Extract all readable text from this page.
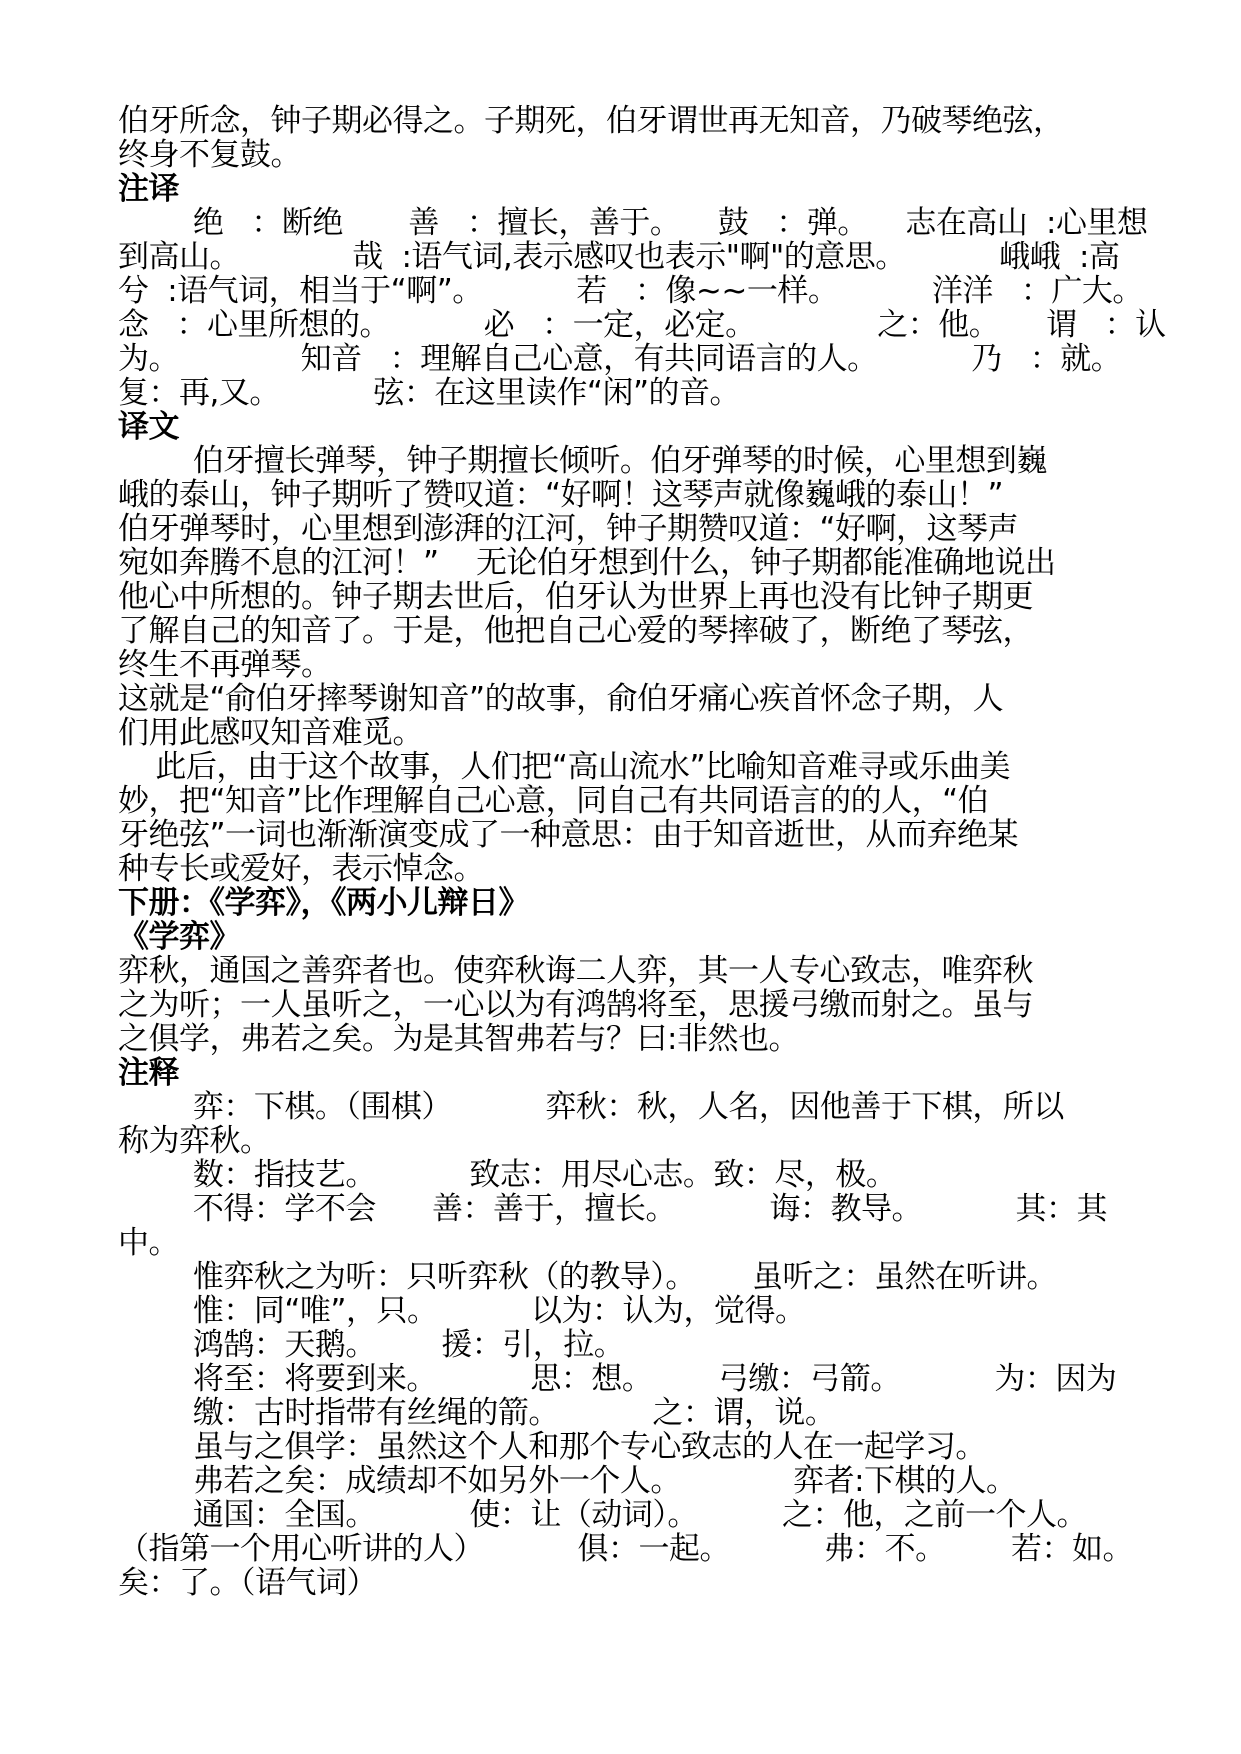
伯牙所念，钟子期必得之。子期死，伯牙谓世再无知音，乃破琴绝弦，
终身不复鼓。
注译
绝   ：断绝       善   ：擅长，善于。    鼓   ：弹。    志在高山  :心里想
到高山。            哉  :语气词,表示感叹也表示"啊"的意思。          峨峨  :高
兮  :语气词，相当于“啊”。          若   ：像~~一样。          洋洋   ：广大。
念   ：心里所想的。          必   ：一定，必定。             之：他。     谓   ：认
为。             知音   ：理解自己心意，有共同语言的人。          乃   ：就。
复：再,又。          弦：在这里读作“闲”的音。
译文
伯牙擅长弹琴，钟子期擅长倾听。伯牙弹琴的时候，心里想到巍
峨的泰山，钟子期听了赞叹道：“好啊！这琴声就像巍峨的泰山！”
伯牙弹琴时，心里想到澎湃的江河，钟子期赞叹道：“好啊，这琴声
宛如奔腾不息的江河！”    无论伯牙想到什么，钟子期都能准确地说出
他心中所想的。钟子期去世后，伯牙认为世界上再也没有比钟子期更
了解自己的知音了。于是，他把自己心爱的琴摔破了，断绝了琴弦，
终生不再弹琴。
这就是“俞伯牙摔琴谢知音”的故事，俞伯牙痛心疾首怀念子期，人
们用此感叹知音难觅。
此后，由于这个故事，人们把“高山流水”比喻知音难寻或乐曲美
妙，把“知音”比作理解自己心意，同自己有共同语言的的人，“伯
牙绝弦”一词也渐渐演变成了一种意思：由于知音逝世，从而弃绝某
种专长或爱好，表示悼念。
下册：《学弈》，《两小儿辩日》
《学弈》
弈秋，通国之善弈者也。使弈秋诲二人弈，其一人专心致志，唯弈秋
之为听；一人虽听之，一心以为有鸿鹄将至，思援弓缴而射之。虽与
之俱学，弗若之矣。为是其智弗若与？曰:非然也。
注释
弈：下棋。（围棋）          弈秋：秋，人名，因他善于下棋，所以
称为弈秋。
数：指技艺。          致志：用尽心志。致：尽，极。
不得：学不会      善：善于，擅长。          诲：教导。          其：其
中。
惟弈秋之为听：只听弈秋（的教导）。      虽听之：虽然在听讲。
惟：同“唯”，只。          以为：认为，觉得。
鸿鹄：天鹅。       援：引，拉。
将至：将要到来。          思：想。       弓缴：弓箭。          为：因为
缴：古时指带有丝绳的箭。          之：谓，说。
虽与之俱学：虽然这个人和那个专心致志的人在一起学习。
弗若之矣：成绩却不如另外一个人。            弈者:下棋的人。
通国：全国。          使：让（动词）。         之：他，之前一个人。
（指第一个用心听讲的人）          俱：一起。          弗：不。       若：如。
矣：了。（语气词）
